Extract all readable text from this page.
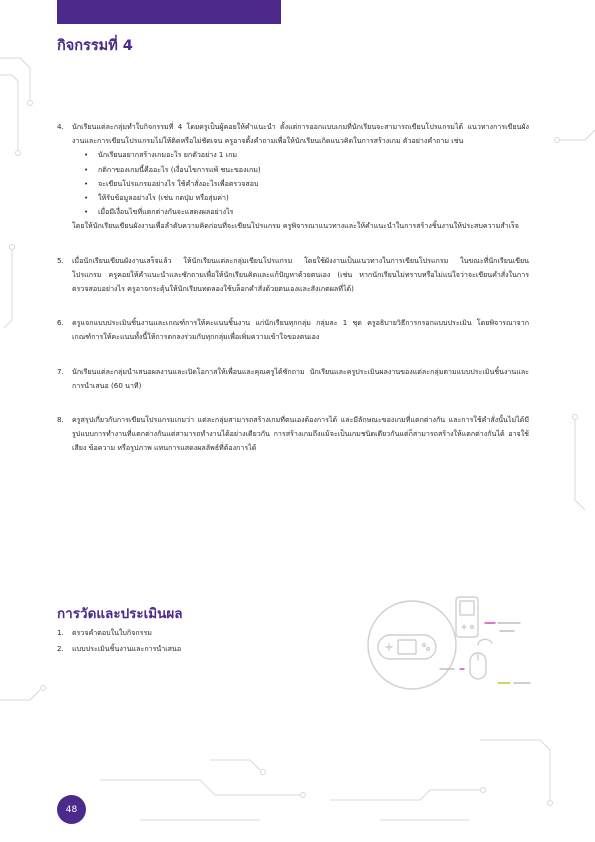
กิจกรรมที่ 4
4.	นักเรียนแต่ละกลุ่มทำใบกิจกรรมที่ 4 โดยครูเป็นผู้คอยให้คำแนะนำ ตั้งแต่การออกแบบเกมที่นักเรียนจะสามารถเขียนโปรแกรมได้ แนวทางการเขียนผังงานและการเขียนโปรแกรมไม่ให้ติดหรือไม่ชัดเจน ครูอาจตั้งคำถามเพื่อให้นักเรียนเกิดแนวคิดในการสร้างเกม ตัวอย่างคำถาม เช่น

• นักเรียนอยากสร้างเกมอะไร ยกตัวอย่าง 1 เกม
• กติกาของเกมนี้คืออะไร (เงื่อนไขการแพ้ ชนะของเกม)
• จะเขียนโปรแกรมอย่างไร ใช้คำสั่งอะไรเพื่อตรวจสอบ
• ให้รับข้อมูลอย่างไร (เช่น กดปุ่ม หรือสุ่มค่า)
• เมื่อมีเงื่อนไขที่แตกต่างกันจะแสดงผลอย่างไร

โดยให้นักเรียนเขียนผังงานเพื่อลำดับความคิดก่อนที่จะเขียนโปรแกรม ครูพิจารณาแนวทางและให้คำแนะนำในการสร้างชิ้นงานให้ประสบความสำเร็จ

5.	เมื่อนักเรียนเขียนผังงานเสร็จแล้ว ให้นักเรียนแต่ละกลุ่มเขียนโปรแกรม โดยใช้ผังงานเป็นแนวทางในการเขียนโปรแกรม ในขณะที่นักเรียนเขียนโปรแกรม ครูคอยให้คำแนะนำและซักถามเพื่อให้นักเรียนคิดและแก้ปัญหาด้วยตนเอง (เช่น หากนักเรียนไม่ทราบหรือไม่แน่ใจว่าจะเขียนคำสั่งในการตรวจสอบอย่างไร ครูอาจกระตุ้นให้นักเรียนทดลองใช้บล็อกคำสั่งด้วยตนเองและสังเกตผลที่ได้)

6.	ครูแจกแบบประเมินชิ้นงานและเกณฑ์การให้คะแนนชิ้นงาน แก่นักเรียนทุกกลุ่ม กลุ่มละ 1 ชุด ครูอธิบายวิธีการกรอกแบบประเมิน โดยพิจารณาจากเกณฑ์การให้คะแนนทั้งนี้ให้การตกลงร่วมกับทุกกลุ่มเพื่อเพิ่มความเข้าใจของตนเอง

7.	นักเรียนแต่ละกลุ่มนำเสนอผลงานและเปิดโอกาสให้เพื่อนและคุณครูได้ซักถาม นักเรียนและครูประเมินผลงานของแต่ละกลุ่มตามแบบประเมินชิ้นงานและการนำเสนอ (60 นาที)

8.	ครูสรุปเกี่ยวกับการเขียนโปรแกรมเกมว่า แต่ละกลุ่มสามารถสร้างเกมที่ตนเองต้องการได้ และมีลักษณะของเกมที่แตกต่างกัน และการใช้คำสั่งนั้นไม่ได้มีรูปแบบการทำงานที่แตกต่างกันแต่สามารถทำงานได้อย่างเดียวกัน การสร้างเกมถึงแม้จะเป็นเกมชนิดเดียวกันแต่ก็สามารถสร้างให้แตกต่างกันได้ อาจใช้เสียง ข้อความ หรือรูปภาพ แทนการแสดงผลลัพธ์ที่ต้องการได้

การวัดและประเมินผล
1.	ตรวจคำตอบในใบกิจกรรม
2.	แบบประเมินชิ้นงานและการนำเสนอ
48
